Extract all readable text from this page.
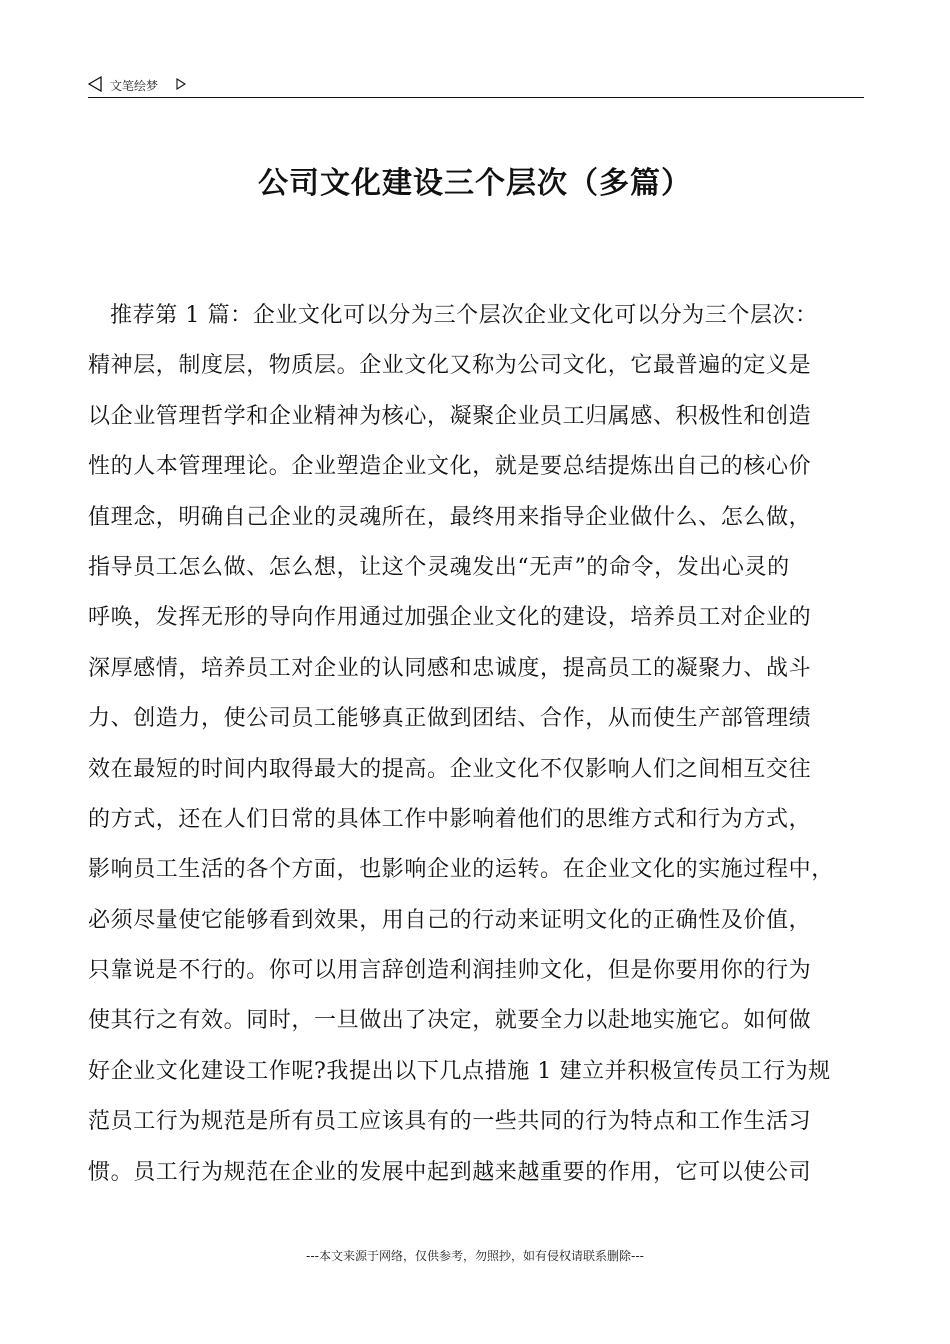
文笔绘梦
公司文化建设三个层次（多篇）
推荐第 1 篇：企业文化可以分为三个层次企业文化可以分为三个层次：
精神层，制度层，物质层。企业文化又称为公司文化，它最普遍的定义是
以企业管理哲学和企业精神为核心，凝聚企业员工归属感、积极性和创造
性的人本管理理论。企业塑造企业文化，就是要总结提炼出自己的核心价
值理念，明确自己企业的灵魂所在，最终用来指导企业做什么、怎么做，
指导员工怎么做、怎么想，让这个灵魂发出“无声”的命令，发出心灵的
呼唤，发挥无形的导向作用通过加强企业文化的建设，培养员工对企业的
深厚感情，培养员工对企业的认同感和忠诚度，提高员工的凝聚力、战斗
力、创造力，使公司员工能够真正做到团结、合作，从而使生产部管理绩
效在最短的时间内取得最大的提高。企业文化不仅影响人们之间相互交往
的方式，还在人们日常的具体工作中影响着他们的思维方式和行为方式，
影响员工生活的各个方面，也影响企业的运转。在企业文化的实施过程中，
必须尽量使它能够看到效果，用自己的行动来证明文化的正确性及价值，
只靠说是不行的。你可以用言辞创造利润挂帅文化，但是你要用你的行为
使其行之有效。同时，一旦做出了决定，就要全力以赴地实施它。如何做
好企业文化建设工作呢?我提出以下几点措施 1 建立并积极宣传员工行为规
范员工行为规范是所有员工应该具有的一些共同的行为特点和工作生活习
惯。员工行为规范在企业的发展中起到越来越重要的作用，它可以使公司
---本文来源于网络，仅供参考，勿照抄，如有侵权请联系删除---
